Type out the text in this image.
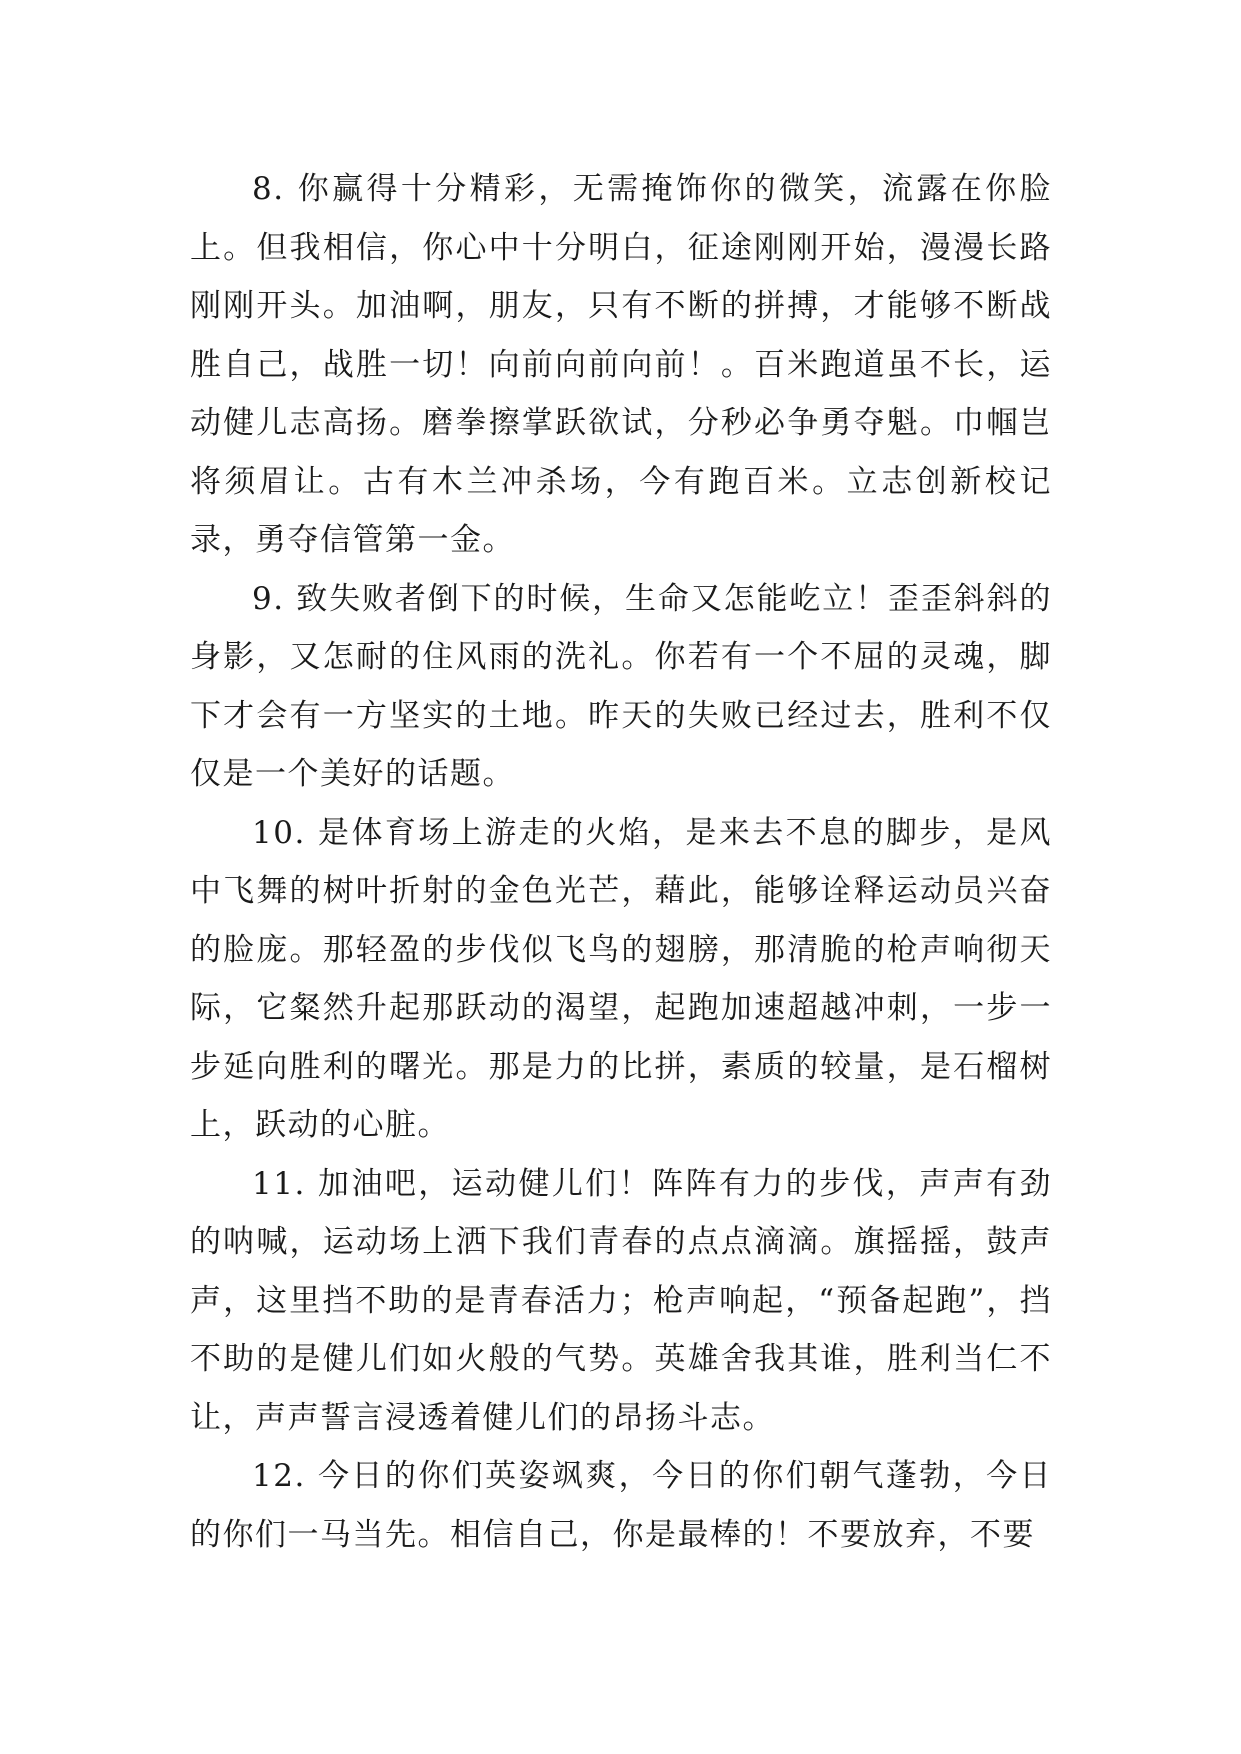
8. 你赢得十分精彩，无需掩饰你的微笑，流露在你脸上。但我相信，你心中十分明白，征途刚刚开始，漫漫长路刚刚开头。加油啊，朋友，只有不断的拼搏，才能够不断战胜自己，战胜一切！向前向前向前！。百米跑道虽不长，运动健儿志高扬。磨拳擦掌跃欲试，分秒必争勇夺魁。巾帼岂将须眉让。古有木兰冲杀场，今有跑百米。立志创新校记录，勇夺信管第一金。

9. 致失败者倒下的时候，生命又怎能屹立！歪歪斜斜的身影，又怎耐的住风雨的洗礼。你若有一个不屈的灵魂，脚下才会有一方坚实的土地。昨天的失败已经过去，胜利不仅仅是一个美好的话题。

10. 是体育场上游走的火焰，是来去不息的脚步，是风中飞舞的树叶折射的金色光芒，藉此，能够诠释运动员兴奋的脸庞。那轻盈的步伐似飞鸟的翅膀，那清脆的枪声响彻天际，它粲然升起那跃动的渴望，起跑加速超越冲刺，一步一步延向胜利的曙光。那是力的比拼，素质的较量，是石榴树上，跃动的心脏。

11. 加油吧，运动健儿们！阵阵有力的步伐，声声有劲的呐喊，运动场上洒下我们青春的点点滴滴。旗摇摇，鼓声声，这里挡不助的是青春活力；枪声响起，“预备起跑”，挡不助的是健儿们如火般的气势。英雄舍我其谁，胜利当仁不让，声声誓言浸透着健儿们的昂扬斗志。

12. 今日的你们英姿飒爽，今日的你们朝气蓬勃，今日的你们一马当先。相信自己，你是最棒的！不要放弃，不要
